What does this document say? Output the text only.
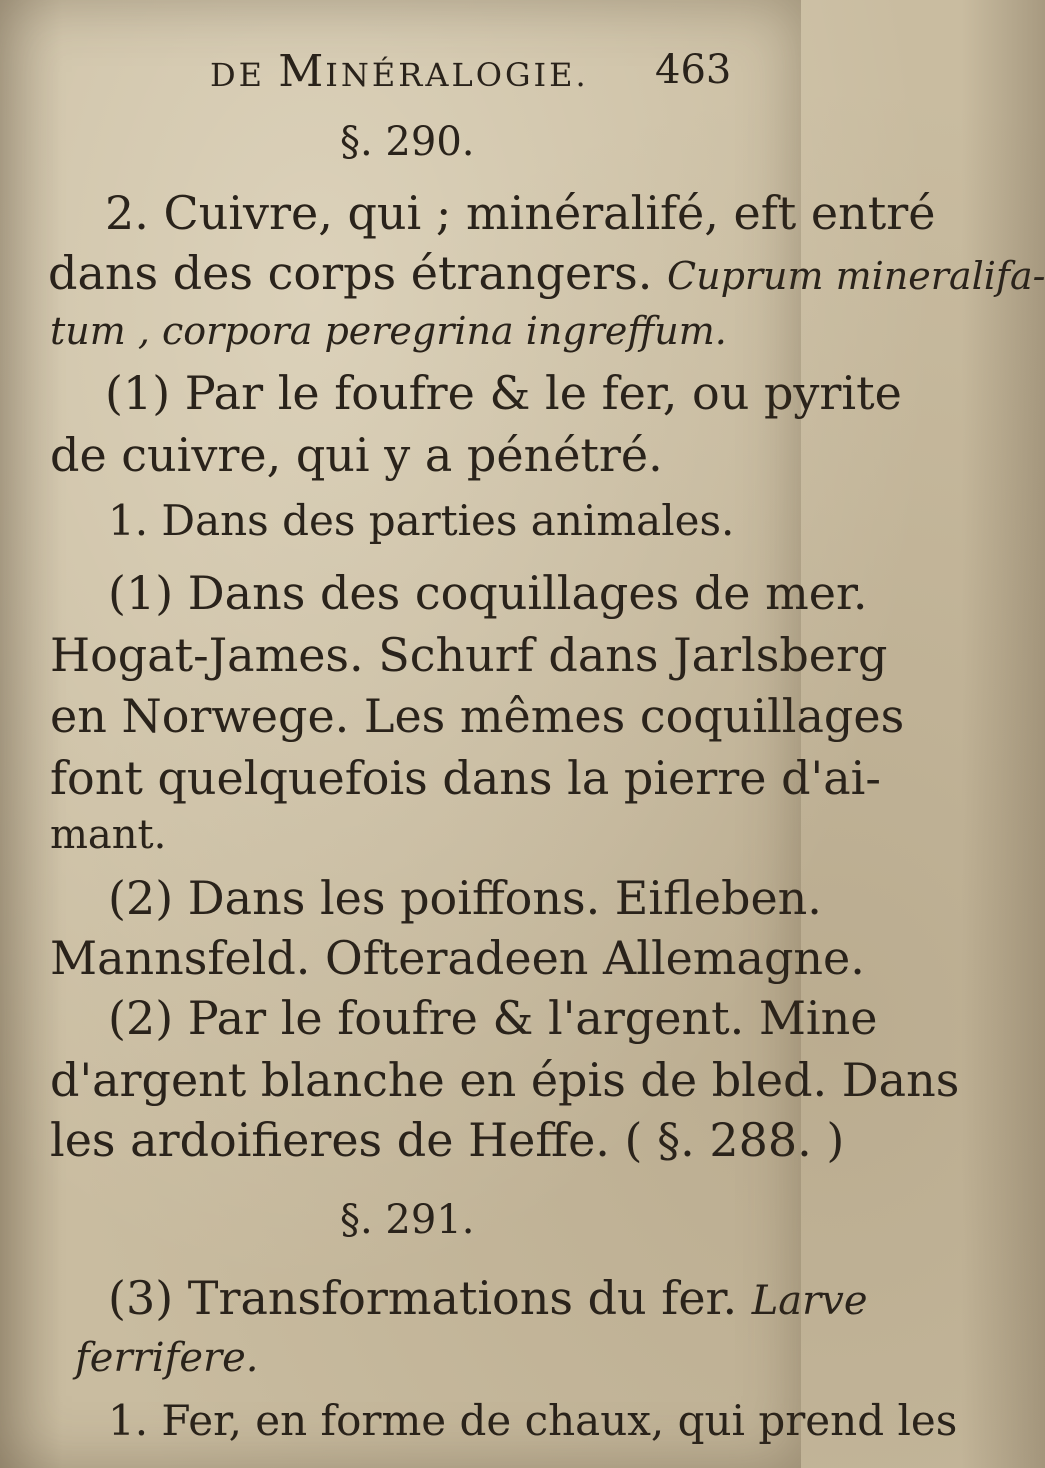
DE MINÉRALOGIE. 463
§. 290.
2. Cuivre, qui ; minéralifé, eft entré
dans des corps étrangers. Cuprum mineralifa-
tum , corpora peregrina ingreffum.
(1) Par le foufre & le fer, ou pyrite
de cuivre, qui y a pénétré.
1. Dans des parties animales.
(1) Dans des coquillages de mer.
Hogat-James. Schurf dans Jarlsberg
en Norwege. Les mêmes coquillages
font quelquefois dans la pierre d'ai-
mant.
(2) Dans les poiffons. Eifleben.
Mannsfeld. Ofteradeen Allemagne.
(2) Par le foufre & l'argent. Mine
d'argent blanche en épis de bled. Dans
les ardoifieres de Heffe. ( §. 288. )
§. 291.
(3) Transformations du fer. Larve
ferrifere.
1. Fer, en forme de chaux, qui prend les
